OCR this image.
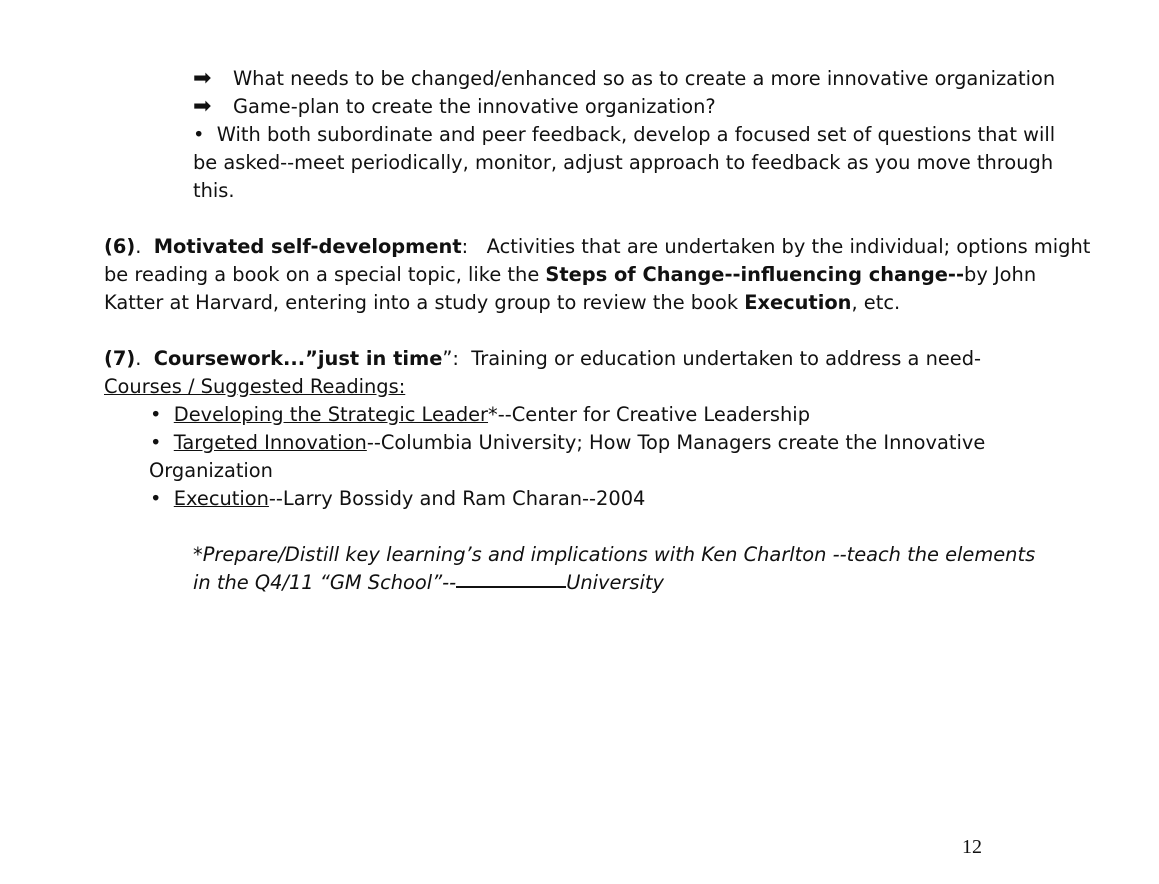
➡ What needs to be changed/enhanced so as to create a more innovative organization
➡ Game-plan to create the innovative organization?
• With both subordinate and peer feedback, develop a focused set of questions that will
be asked--meet periodically, monitor, adjust approach to feedback as you move through
this.
(6).  Motivated self-development:   Activities that are undertaken by the individual; options might
be reading a book on a special topic, like the Steps of Change--influencing change--by John
Katter at Harvard, entering into a study group to review the book Execution, etc.
(7).  Coursework...”just in time”: Training or education undertaken to address a need-
Courses / Suggested Readings:
• Developing the Strategic Leader*--Center for Creative Leadership
• Targeted Innovation--Columbia University; How Top Managers create the Innovative
Organization
• Execution--Larry Bossidy and Ram Charan--2004
*Prepare/Distill key learning’s and implications with Ken Charlton --teach the elements
in the Q4/11 “GM School”--	University
12
